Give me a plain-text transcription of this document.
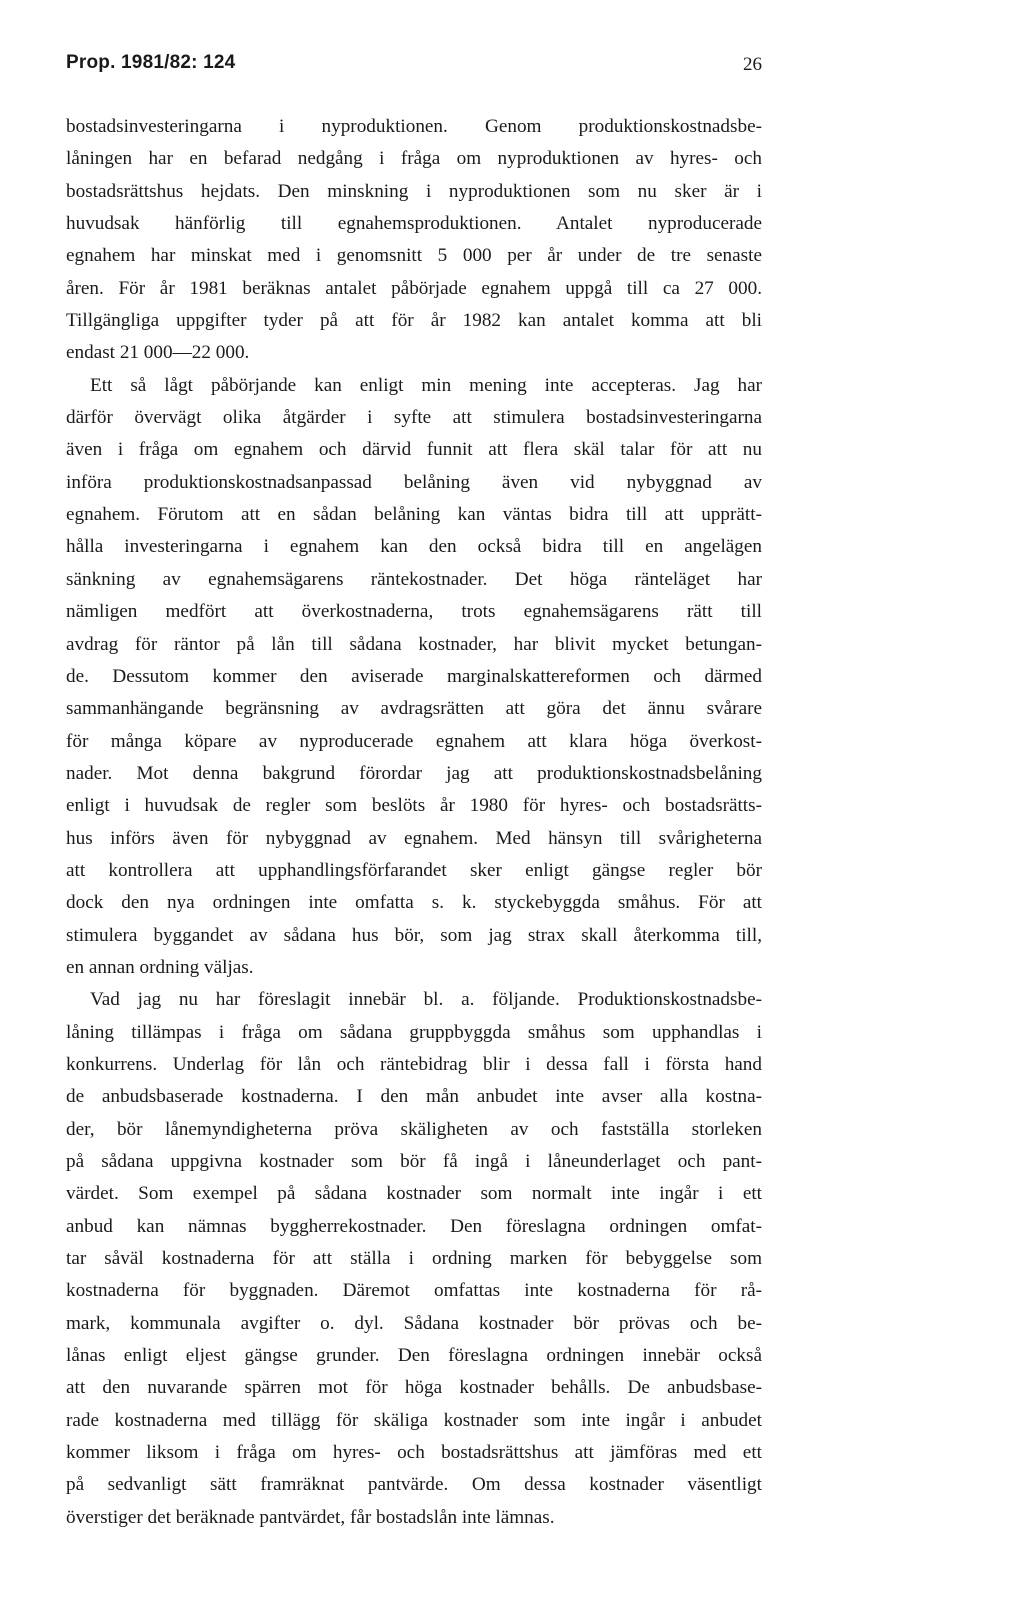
Prop. 1981/82: 124	26
bostadsinvesteringarna i nyproduktionen. Genom produktionskostnadsbe-
låningen har en befarad nedgång i fråga om nyproduktionen av hyres- och
bostadsrättshus hejdats. Den minskning i nyproduktionen som nu sker är i
huvudsak hänförlig till egnahemsproduktionen. Antalet nyproducerade
egnahem har minskat med i genomsnitt 5 000 per år under de tre senaste
åren. För år 1981 beräknas antalet påbörjade egnahem uppgå till ca 27 000.
Tillgängliga uppgifter tyder på att för år 1982 kan antalet komma att bli
endast 21 000—22 000.
Ett så lågt påbörjande kan enligt min mening inte accepteras. Jag har
därför övervägt olika åtgärder i syfte att stimulera bostadsinvesteringarna
även i fråga om egnahem och därvid funnit att flera skäl talar för att nu
införa produktionskostnadsanpassad belåning även vid nybyggnad av
egnahem. Förutom att en sådan belåning kan väntas bidra till att upprätt-
hålla investeringarna i egnahem kan den också bidra till en angelägen
sänkning av egnahemsägarens räntekostnader. Det höga ränteläget har
nämligen medfört att överkostnaderna, trots egnahemsägarens rätt till
avdrag för räntor på lån till sådana kostnader, har blivit mycket betungan-
de. Dessutom kommer den aviserade marginalskattereformen och därmed
sammanhängande begränsning av avdragsrätten att göra det ännu svårare
för många köpare av nyproducerade egnahem att klara höga överkost-
nader. Mot denna bakgrund förordar jag att produktionskostnadsbelåning
enligt i huvudsak de regler som beslöts år 1980 för hyres- och bostadsrätts-
hus införs även för nybyggnad av egnahem. Med hänsyn till svårigheterna
att kontrollera att upphandlingsförfarandet sker enligt gängse regler bör
dock den nya ordningen inte omfatta s. k. styckebyggda småhus. För att
stimulera byggandet av sådana hus bör, som jag strax skall återkomma till,
en annan ordning väljas.
Vad jag nu har föreslagit innebär bl. a. följande. Produktionskostnadsbe-
låning tillämpas i fråga om sådana gruppbyggda småhus som upphandlas i
konkurrens. Underlag för lån och räntebidrag blir i dessa fall i första hand
de anbudsbaserade kostnaderna. I den mån anbudet inte avser alla kostna-
der, bör lånemyndigheterna pröva skäligheten av och fastställa storleken
på sådana uppgivna kostnader som bör få ingå i låneunderlaget och pant-
värdet. Som exempel på sådana kostnader som normalt inte ingår i ett
anbud kan nämnas byggherrekostnader. Den föreslagna ordningen omfat-
tar såväl kostnaderna för att ställa i ordning marken för bebyggelse som
kostnaderna för byggnaden. Däremot omfattas inte kostnaderna för rå-
mark, kommunala avgifter o. dyl. Sådana kostnader bör prövas och be-
lånas enligt eljest gängse grunder. Den föreslagna ordningen innebär också
att den nuvarande spärren mot för höga kostnader behålls. De anbudsbase-
rade kostnaderna med tillägg för skäliga kostnader som inte ingår i anbudet
kommer liksom i fråga om hyres- och bostadsrättshus att jämföras med ett
på sedvanligt sätt framräknat pantvärde. Om dessa kostnader väsentligt
överstiger det beräknade pantvärdet, får bostadslån inte lämnas.
